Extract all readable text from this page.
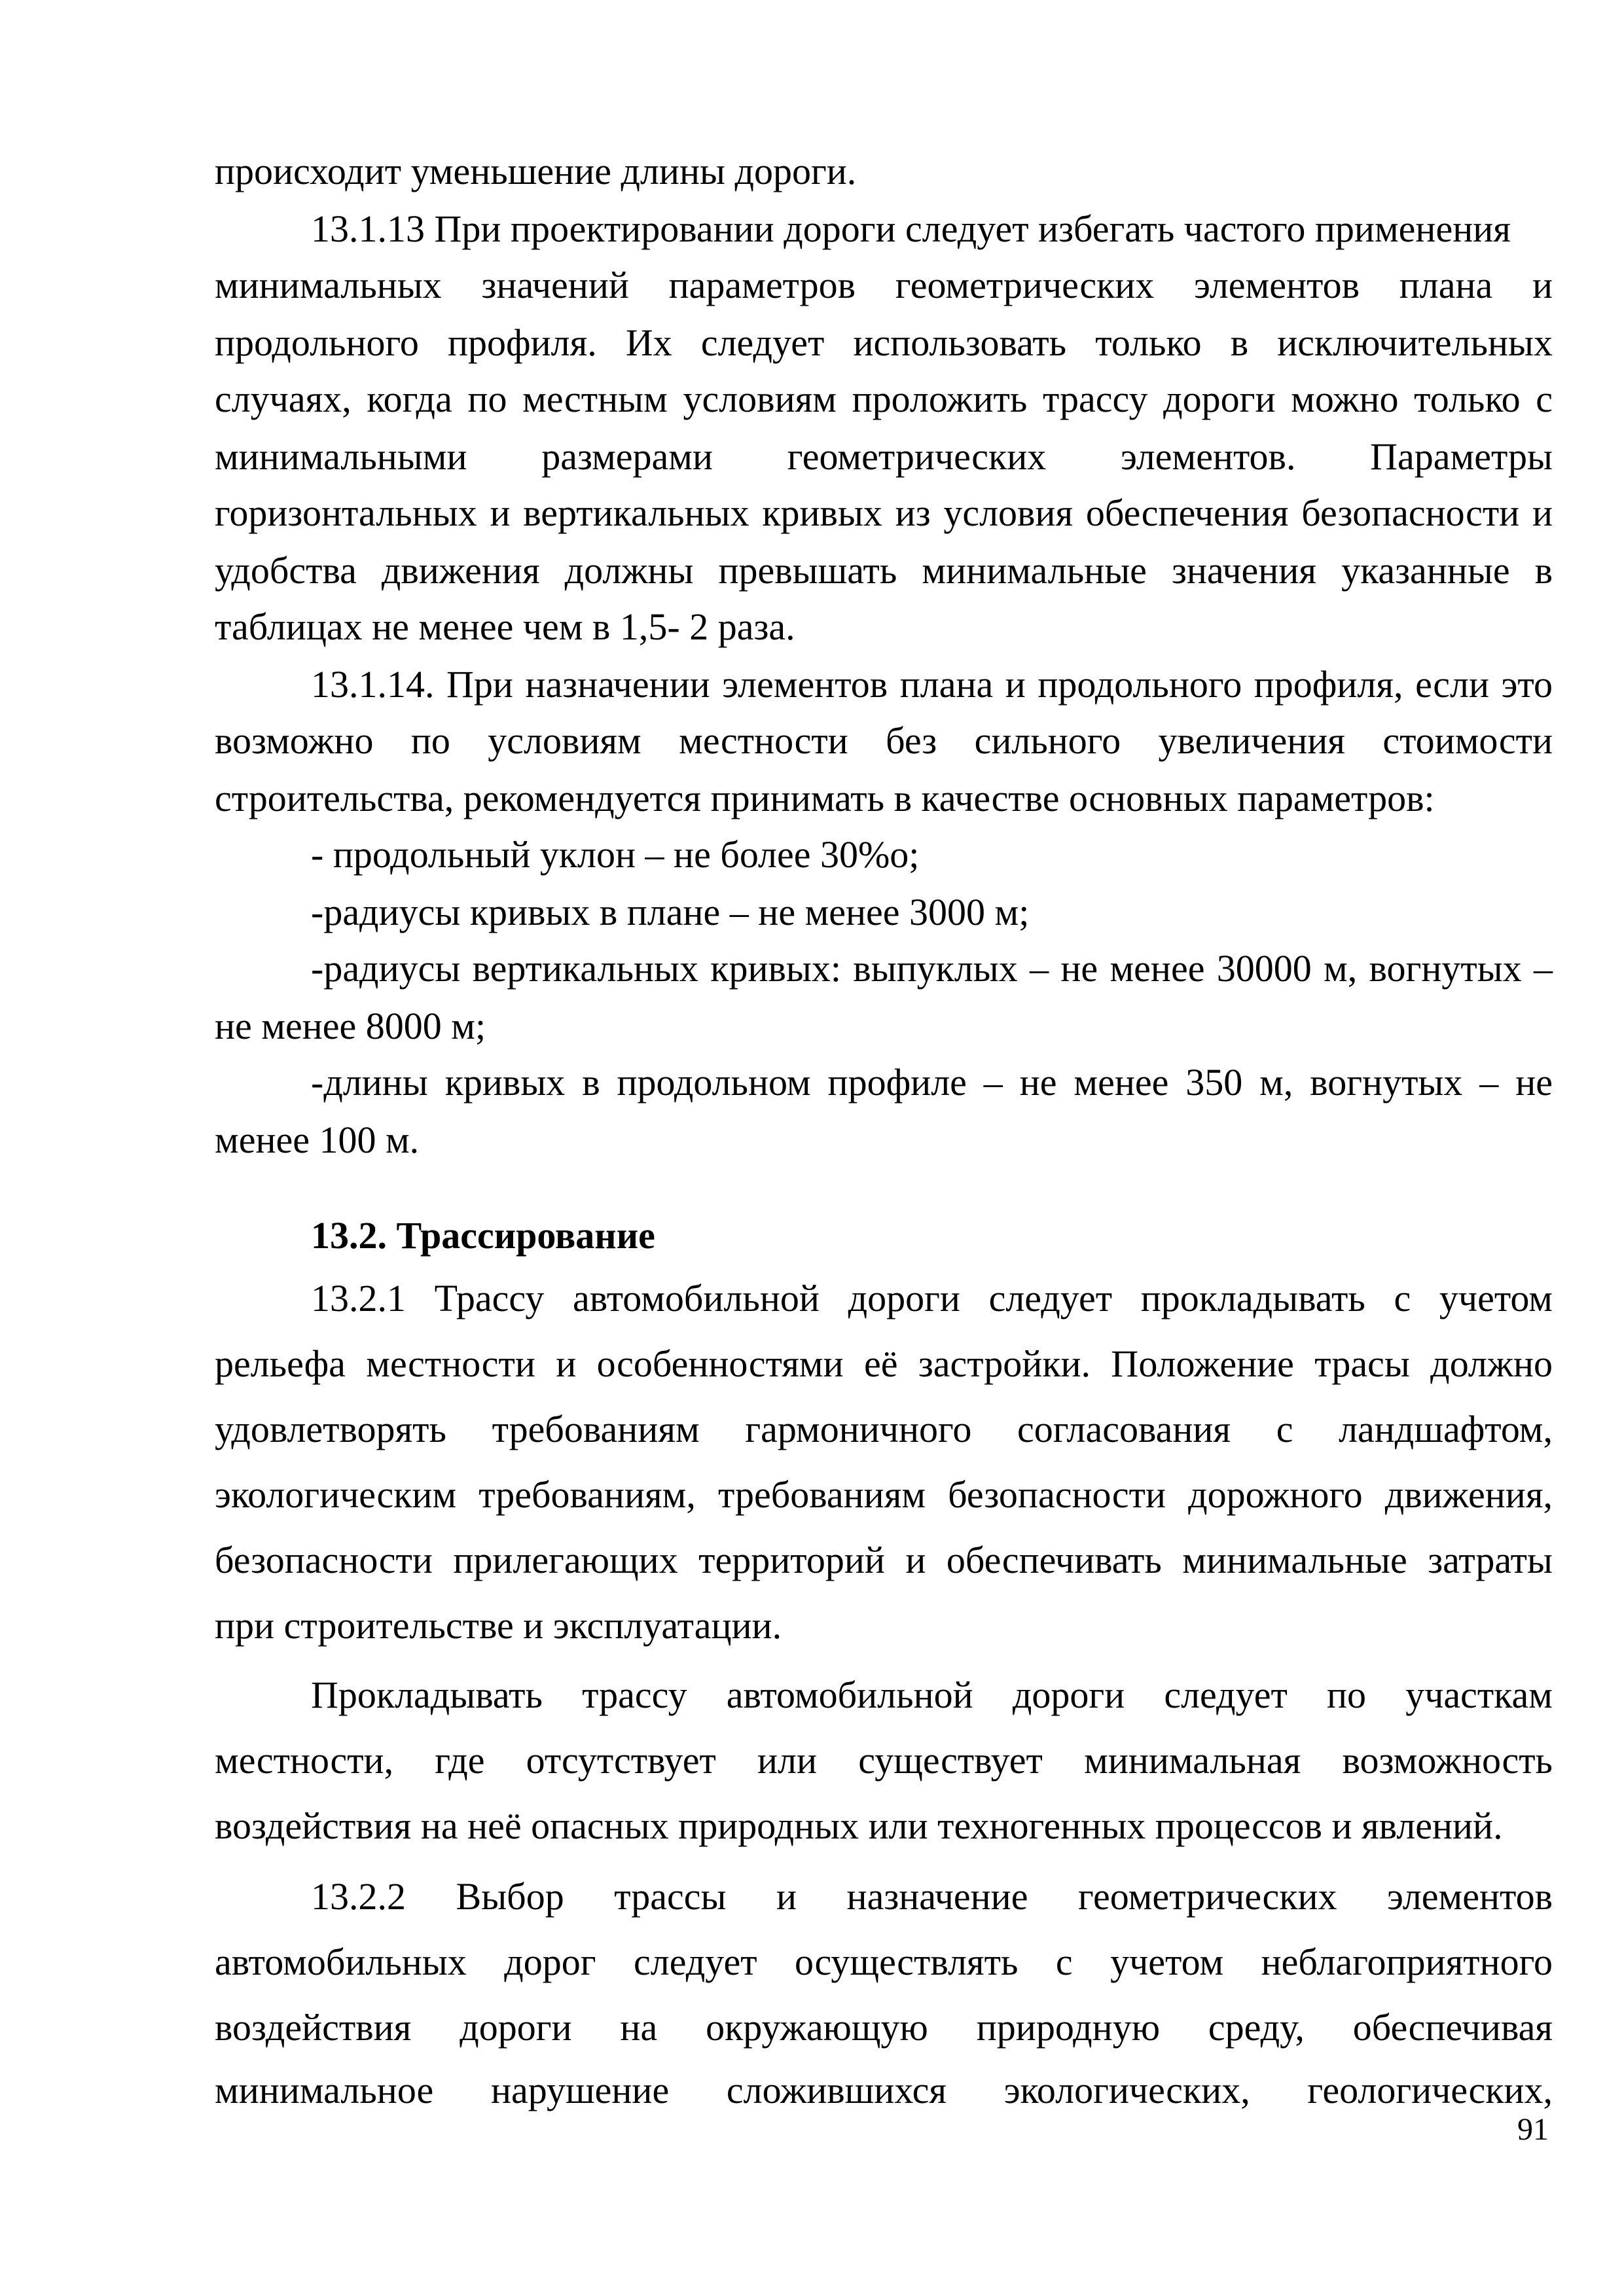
происходит уменьшение длины дороги.
13.1.13 При проектировании дороги следует избегать частого применения
минимальных значений параметров геометрических элементов плана и
продольного профиля. Их следует использовать только в исключительных
случаях, когда по местным условиям проложить трассу дороги можно только с
минимальными размерами геометрических элементов. Параметры
горизонтальных и вертикальных кривых из условия обеспечения безопасности и
удобства движения должны превышать минимальные значения указанные в
таблицах не менее чем в 1,5- 2 раза.
13.1.14. При назначении элементов плана и продольного профиля, если это
возможно по условиям местности без сильного увеличения стоимости
строительства, рекомендуется принимать в качестве основных параметров:
- продольный уклон – не более 30%о;
-радиусы кривых в плане – не менее 3000 м;
-радиусы вертикальных кривых: выпуклых – не менее 30000 м, вогнутых –
не менее 8000 м;
-длины кривых в продольном профиле – не менее 350 м, вогнутых – не
менее 100 м.
13.2. Трассирование
13.2.1 Трассу автомобильной дороги следует прокладывать с учетом
рельефа местности и особенностями её застройки. Положение трасы должно
удовлетворять требованиям гармоничного согласования с ландшафтом,
экологическим требованиям, требованиям безопасности дорожного движения,
безопасности прилегающих территорий и обеспечивать минимальные затраты
при строительстве и эксплуатации.
Прокладывать трассу автомобильной дороги следует по участкам
местности, где отсутствует или существует минимальная возможность
воздействия на неё опасных природных или техногенных процессов и явлений.
13.2.2 Выбор трассы и назначение геометрических элементов
автомобильных дорог следует осуществлять с учетом неблагоприятного
воздействия дороги на окружающую природную среду, обеспечивая
минимальное нарушение сложившихся экологических, геологических,
91
